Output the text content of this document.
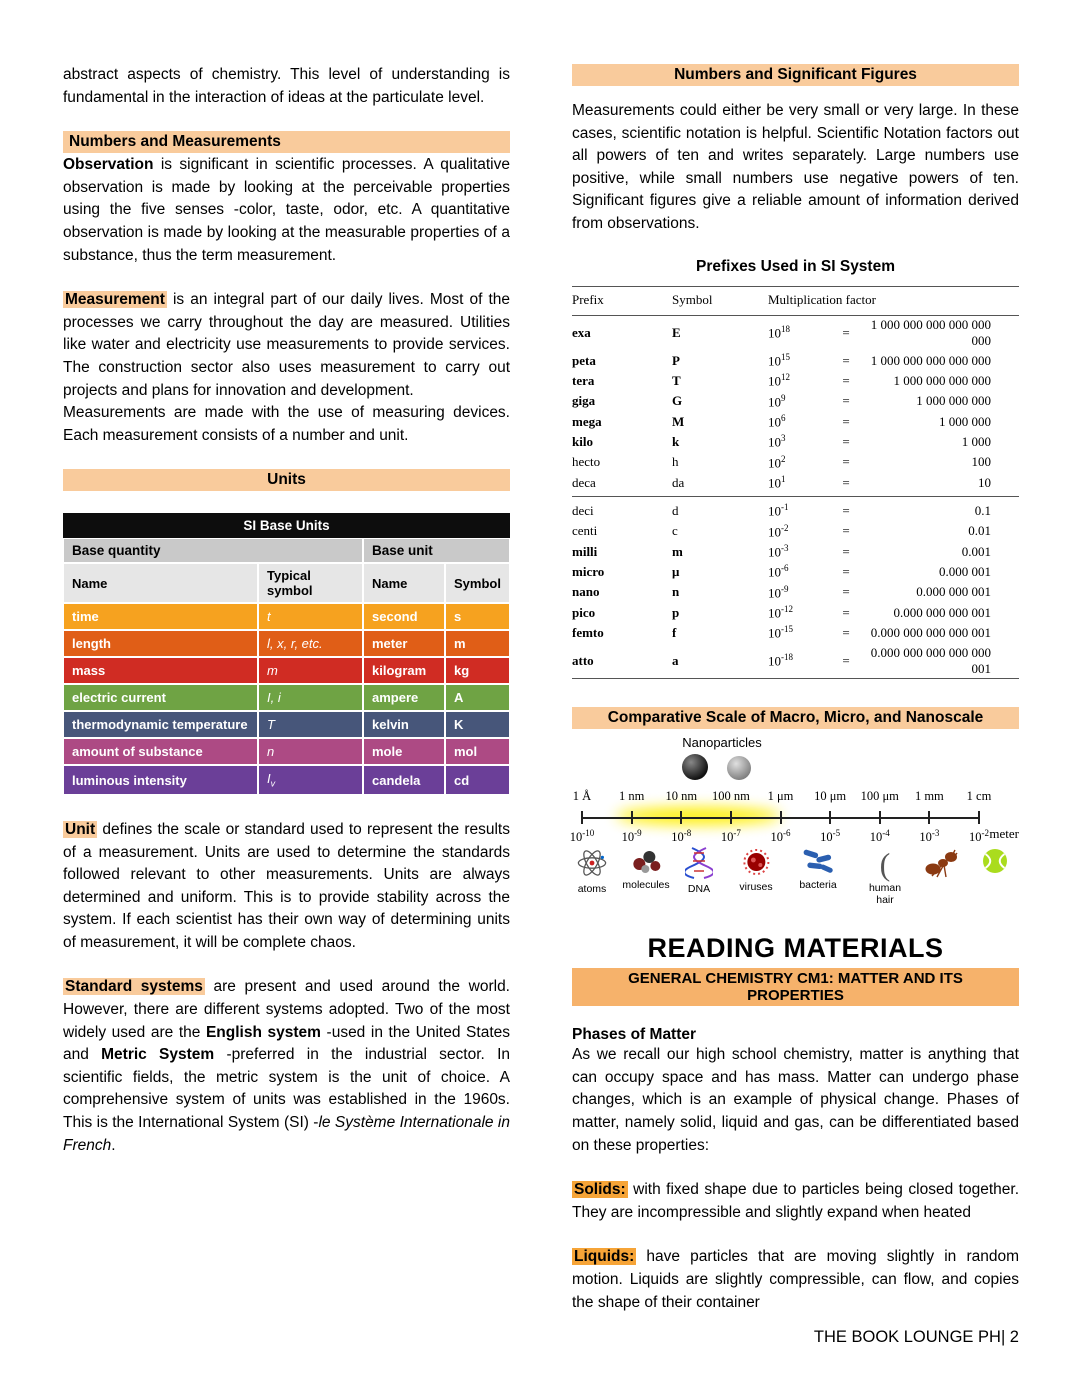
abstract aspects of chemistry. This level of understanding is fundamental in the interaction of ideas at the particulate level.

Numbers and Measurements

Observation is significant in scientific processes. A qualitative observation is made by looking at the perceivable properties using the five senses -color, taste, odor, etc. A quantitative observation is made by looking at the measurable properties of a substance, thus the term measurement.

Measurement is an integral part of our daily lives. Most of the processes we carry throughout the day are measured. Utilities like water and electricity use measurements to provide services. The construction sector also uses measurement to carry out projects and plans for innovation and development.

Measurements are made with the use of measuring devices. Each measurement consists of a number and unit.

Units
SI Base Units			
Base quantity		Base unit	
Name	Typical symbol	Name	Symbol
time	t	second	s
length	l, x, r, etc.	meter	m
mass	m	kilogram	kg
electric current	I, i	ampere	A
thermodynamic temperature	T	kelvin	K
amount of substance	n	mole	mol
luminous intensity	$I_v$	candela	cd

Unit defines the scale or standard used to represent the results of a measurement. Units are used to determine the standards followed relevant to other measurements. Units are always determined and uniform. This is to provide stability across the system. If each scientist has their own way of determining units of measurement, it will be complete chaos.

Standard systems are present and used around the world. However, there are different systems adopted. Two of the most widely used are the English system -used in the United States and Metric System -preferred in the industrial sector. In scientific fields, the metric system is the unit of choice. A comprehensive system of units was established in the 1960s. This is the International System (SI) -le Système Internationale in French.

Numbers and Significant Figures

Measurements could either be very small or very large. In these cases, scientific notation is helpful. Scientific Notation factors out all powers of ten and writes separately. Large numbers use positive, while small numbers use negative powers of ten. Significant figures give a reliable amount of information derived from observations.

Prefixes Used in SI System
Prefix	Symbol	Multiplication factor		
exa	E	$10^{18}$	=	1 000 000 000 000 000 000
peta	P	$10^{15}$	=	1 000 000 000 000 000
tera	T	$10^{12}$	=	1 000 000 000 000
giga	G	$10^9$	=	1 000 000 000
mega	M	$10^6$	=	1 000 000
kilo	k	$10^3$	=	1 000
hecto	h	$10^2$	=	100
deca	da	$10^1$	=	10
deci	d	$10^{-1}$	=	0.1
centi	c	$10^{-2}$	=	0.01
milli	m	$10^{-3}$	=	0.001
micro	μ	$10^{-6}$	=	0.000 001
nano	n	$10^{-9}$	=	0.000 000 001
pico	p	$10^{-12}$	=	0.000 000 000 001
femto	f	$10^{-15}$	=	0.000 000 000 000 001
atto	a	$10^{-18}$	=	0.000 000 000 000 000 001
Comparative Scale of Macro, Micro, and Nanoscale
Nanoparticles
1 Å
$10^{-10}$
1 nm
$10^{-9}$
10 nm
$10^{-8}$
100 nm
$10^{-7}$
1 μm
$10^{-6}$
10 μm
$10^{-5}$
100 μm
$10^{-4}$
1 mm
$10^{-3}$
1 cm
$10^{-2}$ meter
atoms molecules DNA	viruses	bacteria
(
human hair
READING MATERIALS
GENERAL CHEMISTRY CM1: MATTER AND ITS PROPERTIES
Phases of Matter

As we recall our high school chemistry, matter is anything that can occupy space and has mass. Matter can undergo phase changes, which is an example of physical change. Phases of matter, namely solid, liquid and gas, can be differentiated based on these properties:

Solids: with fixed shape due to particles being closed together. They are incompressible and slightly expand when heated

Liquids: have particles that are moving slightly in random motion. Liquids are slightly compressible, can flow, and copies the shape of their container

THE BOOK LOUNGE PH| 2
